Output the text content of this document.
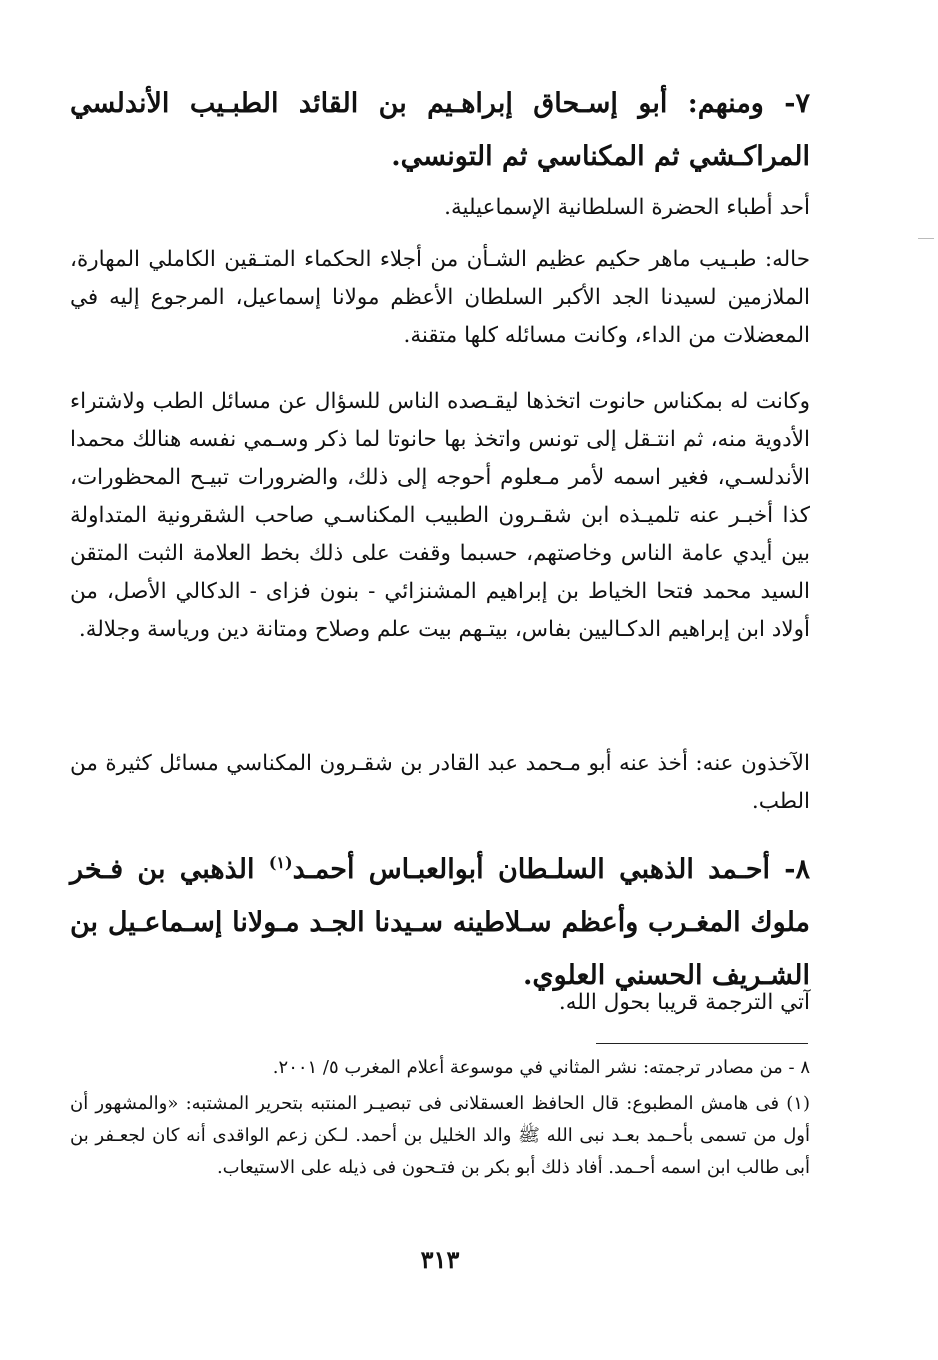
٧- ومنهم: أبو إسـحاق إبراهـيم بن القائد الطبـيب الأندلسي المراكـشي ثم المكناسي ثم التونسي.

أحد أطباء الحضرة السلطانية الإسماعيلية.

حاله: طبـيب ماهر حكيم عظيم الشـأن من أجلاء الحكماء المتـقين الكاملي المهارة، الملازمين لسيدنا الجد الأكبر السلطان الأعظم مولانا إسماعيل، المرجوع إليه في المعضلات من الداء، وكانت مسائله كلها متقنة.

وكانت له بمكناس حانوت اتخذها ليقـصده الناس للسؤال عن مسائل الطب ولاشتراء الأدوية منه، ثم انتـقل إلى تونس واتخذ بها حانوتا لما ذكر وسـمي نفسه هنالك محمدا الأندلسـي، فغير اسمه لأمر مـعلوم أحوجه إلى ذلك، والضرورات تبيـح المحظورات، كذا أخبـر عنه تلميـذه ابن شقـرون الطبيب المكناسـي صاحب الشقرونية المتداولة بين أيدي عامة الناس وخاصتهم، حسبما وقفت على ذلك بخط العلامة الثبت المتقن السيد محمد فتحا الخياط بن إبراهيم المشنزائي - بنون فزاى - الدكالي الأصل، من أولاد ابن إبراهيم الدكـاليين بفاس، بيتـهم بيت علم وصلاح ومتانة دين ورياسة وجلالة.

الآخذون عنه: أخذ عنه أبو مـحمد عبد القادر بن شقـرون المكناسي مسائل كثيرة من الطب.

٨- أحـمد الذهبي السلـطان أبوالعبـاس أحمـد$^{(١)}$ الذهبي بن فـخر ملوك المغـرب وأعظم سـلاطينه سـيدنا الجـد مـولانا إسـماعـيل بن الشـريف الحسني العلوي.

آتي الترجمة قريبا بحول الله.

٨ - من مصادر ترجمته: نشر المثاني في موسوعة أعلام المغرب ٥/ ٢٠٠١.

(١) فى هامش المطبوع: قال الحافظ العسقلانى فى تبصيـر المنتبه بتحرير المشتبه: «والمشهور أن أول من تسمى بأحـمد بعـد نبى الله ﷺ والد الخليل بن أحمد. لـكن زعم الواقدى أنه كان لجعـفر بن أبى طالب ابن اسمه أحـمد. أفاد ذلك أبو بكر بن فتـحون فى ذيله على الاستيعاب.

٣١٣
